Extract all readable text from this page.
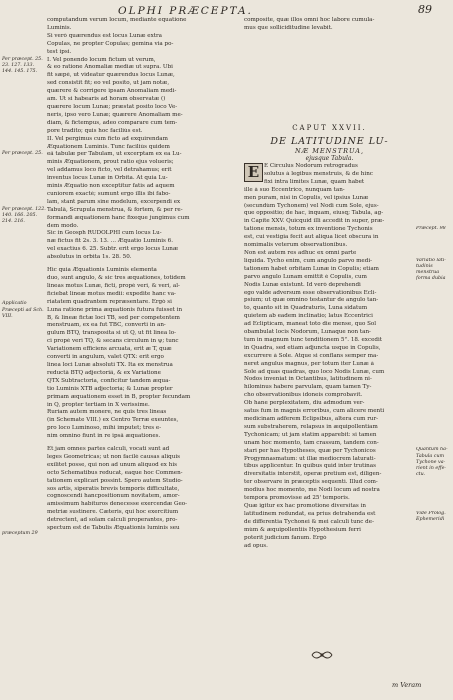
OLPHI PRÆCEPTA.	89
computandum verum locum, mediante equatione
Luminis.
Si verò quærendus est locus Lunæ extra
Copulas, ne propter Copulas; gemina via po-
test ipsi.
I. Vel ponendo locum fictum ut verum,
& eo ratione Anomaliæ mediæ ut supra. Ubi
fit sæpè, ut videatur quærendus locus Lunæ,
sed consistit fit; eo vel posito, ut jam notæ,
quærere & corrigere ipsam Anomaliam medi-
am. Ut si habearis ad horam observatæ ()
quærere locum Lunæ; præstat posito loco Ve-
neris, ipso vero Lunæ; quærere Anomaliam me-
diam, & fictempus, adeo comparare cum tem-
pore tradito; quis hoc faciliùs est.
II. Vel pergimus cum ficto ad exquirendam
Æquationem Luminis. Tunc faciliùs quidem
eâ tabulæ per Tabulam, ut excerptam ex ea Lu-
minis Æquationem, prout ratio ejus volueris;
vel addamus loco ficto, vel detrahamus; erit
inventus locus Lunæ in Orbita. At quia Lu-
minis Æquatio non exceptitur fatis ad aquem
cuniorem exactè; sumunt ergo illis ibi fabo-
lam, stant parum sine modelum, excerpendi ex
Tabulâ, Scrupula menstrua, & fortem, & per re-
formandi æquationem hanc fixeque jungimus cum
dem modo.
Sic in Geosph RUDOLPHI cum locus Lu-
næ fictus fit 2s. 3. 13. … Æquatio Luminis 6.
vel exactius 6. 25. Subtr. erit ergo locus Lunæ
absolutus in orbita 1s. 28. 50.
Hic quia Æquationis Luminis elementa
duo, sunt angulo, & sic tres æquationes, totidem
lineas motus Lunæ, ficti, propè veri, & veri, al-
ficiebat lineæ motus medii: expedite hanc va-
riatatem quadrantem repræsentare. Ergò si
Luna ratione prima æquationis futura fuisset in
B, & lineæ fictæ loci TB, sed per competentem
menstruam, ex ea fut TBC, converti in an-
gulum BTQ, transposita si ut Q, ut fit linea lo-
ci propè veri TQ, & secans circulum in ψ; tunc
Variationem efficiens arcuata, erit æ T, quæ
converti in angulum, valet QTX: erit ergo
linea loci Lunæ absoluti TX. Ita ex menstrua
reductâ BTQ adjectoriâ, & ex Variatione
QTX Subtractoria, conficitur tandem æqua-
tio Luminis XTB adjectoria; & Lunæ propter
primam æquationem esset in B, propter fecundam
in Q, propter tertiam in X verissime.
Ruriam autem monere, ne quis tres lineas
(in Schemate VIII.) ex Centro Terræ exeuntes,
pro loco Luminoso, mihi imputet; tres e-
nim omnino fiunt in re ipsâ æquationes.
Et jam omnes partes calculi, vocati sunt ad
leges Geometricas; ut non facilè causas aliquis
exilitet posse, qui non ad unum aliquod ex his
octo Schematibus reducat, eaque hoc Commen-
tationem explicari possint. Spero autem Studio-
sos artis, siperatis brevis temporis difficultate,
cognoscendi hancpositionum novitatem, amor-
amissimum habituros denecesse exercendæ Geo-
metriæ sustinere. Cæteris, qui hoc exercitium
detrectent, ad solam calculi properantes, pro-
spectum est de Tabulis Æquationis luminis seu
Per præcept. 25. 23. 127. 133. 144. 145. 175.
Per præcept. 25.
Per præcept. 122. 140. 166. 205. 214. 216.
Applicatio Præcepti ad Sch. VIII.
præceptum 29
composite, quæ illos omni hoc labore cumula-
mus que solliciditudine levabit.
CAPUT XXVII.
DE LATITUDINE LU-
NÆ MENSTRUA,
ejusque Tabula.
E E Circulus Nodorum retrogradus
solutus à legibus menstruis, & de hinc
fixi intra limites Lunæ, quam habet
ille à suo Eccentrico, nunquam tan-
men puram, nisi in Copulis, vel ipsius Lunæ
(secundùm Tychonem) vel Nodi cum Sole, ejus-
que oppositio; de hac, inquam, eiusq; Tabula, ag-
in Capite XXV. Quicquid illi accedit in super, præ-
tatione mensis, totum ex inventione Tychonis
est, cui vestigia fecit aut aliqua licet obscura in
nomimalis veterum observationibus.
Non est autem res adhuc ex omni parte
liquida. Tycho enim, cum angulo parvo medi-
tationem habet orbitam Lunæ in Copulis; etiam
parvo angulo Lunam emittit è Copulis, cum
Nodis Lunæ existunt. Id verò deprehendi
ego valde adversum esse observationibus Ecli-
psium; ut quæ omnino testantur de angulo tan-
to, quanto sit in Quadraturis, Luna sidatum
quietem ab eadem inclinatio; latus Eccentrici
ad Eclipticam, maneat toto die mense, quo Sol
obambulat locis Nodorum, Lunaque non tan-
tum in magnum tunc tenditionem 5°. 18. excedit
in Quadra, sed etiam adjuncta usque in Copulis,
excurrere à Sole. Atque si conflans semper ma-
neret angulus magnus, per totum iter Lunæ à
Sole ad quas quadras, quo loco Nodis Lunæ, cum
Nodos inveniat in Octantibus, latitudinem ni-
hilominus habere parvulam, quam tamen Ty-
cho observationibus idoneis comprobavit.
Ob hane perplexitatem, diu admodum ver-
satus fum in magnis erroribus, cum alicere menti
medicinam adferem Eclipsibus, altera cum rur-
sum substraherem, relapsus in æquipollentiam
Tychonicam; ut jam statim apparebit: si tamen
unam hoc momento, tam crassum, tandem con-
stari per has Hypotheses, quæ per Tychonicos
Progymnasmatum: ut illæ mediocrem laturati-
tibus applicentur. In quibus quid inter trutinas
diversitatis interstit, operæ pretium est, diligen-
ter observare in præceptis sequenti. Illud com-
modius hoc momento, me Nodi locum ad nostra
tempora promovisse ad 25' temporis.
Quæ igitur ex hac promotione diversitas in
latitudinem redundat, ea prius detrahenda est
de differentia Tychonei & mei calculi tunc de-
mùm & æquipollentiis Hypothesium ferri
poterit judicium fanum. Ergò
ad opus.
Præcept. 98
Variatio lati- tudinis menstrua forma dubia
Quantum ha- Tabula cum Tychone va- rient in effe- ctu.
Vide Prolog. Ephemeridi
m Veram
